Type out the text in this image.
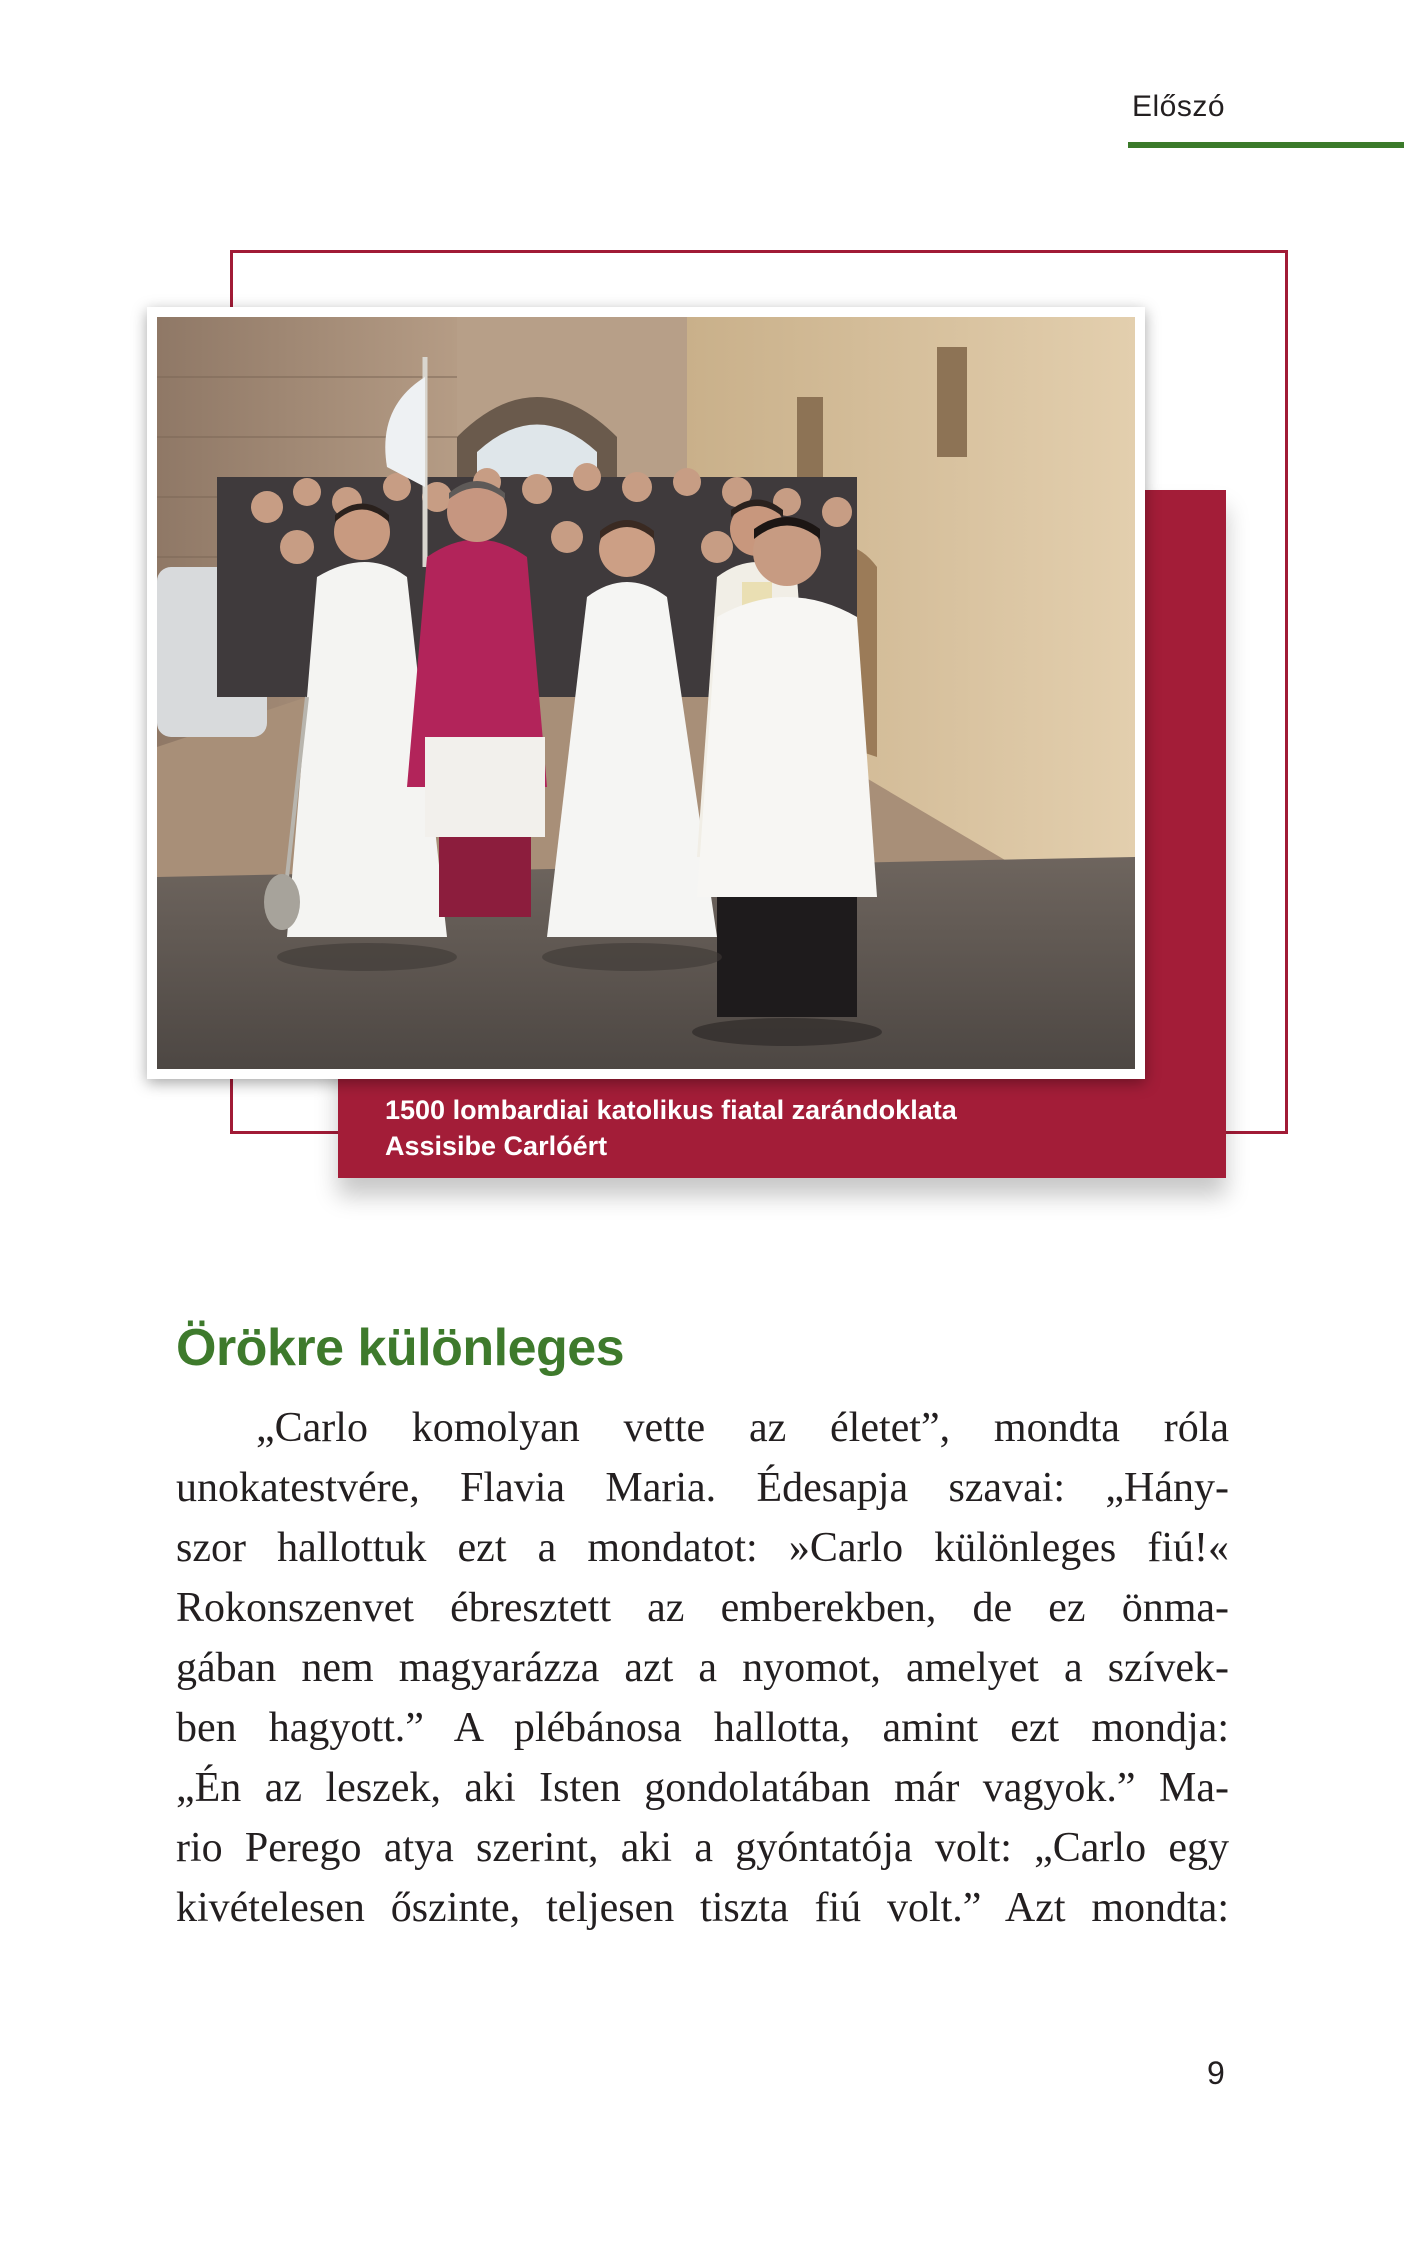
Előszó
1500 lombardiai katolikus fiatal zarándoklata
Assisibe Carlóért
Örökre különleges
„Carlo komolyan vette az életet”, mondta róla
unokatestvére, Flavia Maria. Édesapja szavai: „Hány-
szor hallottuk ezt a mondatot: »Carlo különleges fiú!«
Rokonszenvet ébresztett az emberekben, de ez önma-
gában nem magyarázza azt a nyomot, amelyet a szívek-
ben hagyott.” A plébánosa hallotta, amint ezt mondja:
„Én az leszek, aki Isten gondolatában már vagyok.” Ma-
rio Perego atya szerint, aki a gyóntatója volt: „Carlo egy
kivételesen őszinte, teljesen tiszta fiú volt.” Azt mondta:
9
